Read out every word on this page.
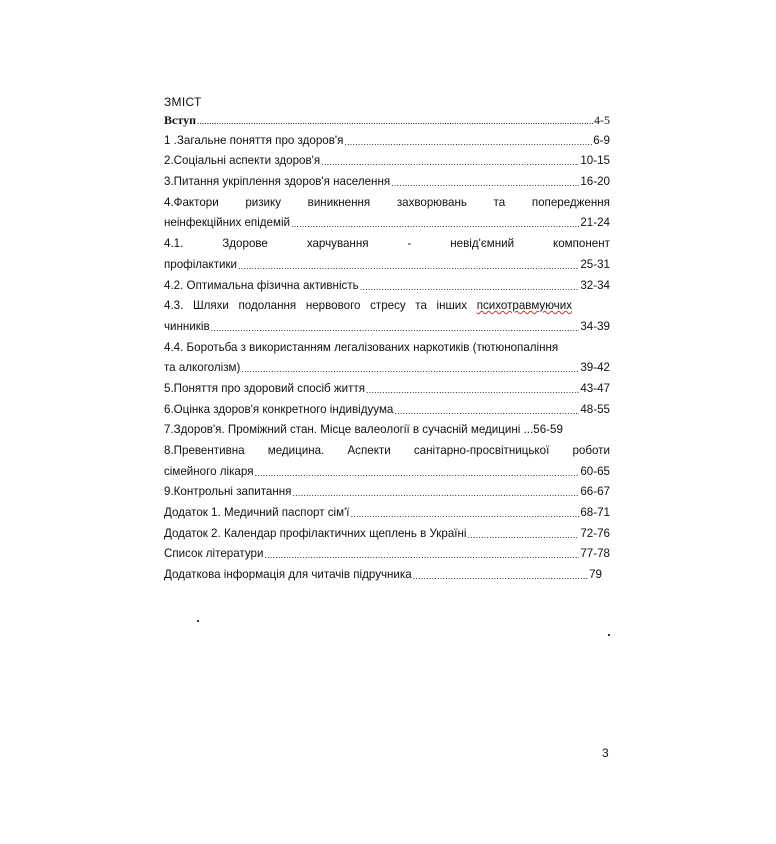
ЗМІСТ
Вступ .....	4-5
1 .Загальне поняття про здоров'я .....	6-9
2.Соціальні аспекти здоров'я .....	10-15
3.Питання укріплення здоров'я населення .....	16-20
4.Фактори ризику виникнення захворювань та попередження
неінфекційних епідемій .....	21-24
4.1.	Здорове	харчування	-	невід'ємний	компонент
профілактики .....	25-31
4.2. Оптимальна фізична активність .....	32-34
4.3. Шляхи подолання нервового стресу та інших психотравмуючих
чинників .....	34-39
4.4. Боротьба з використанням легалізованих наркотиків (тютюнопаління
та алкоголізм) .....	39-42
5.Поняття про здоровий спосіб життя .....	43-47
6.Оцінка здоров'я конкретного індивідуума .....	48-55
7.Здоров'я. Проміжний стан. Місце валеології в сучасній медицині ... 56-59
8.Превентивна медицина. Аспекти санітарно-просвітницької роботи
сімейного лікаря .....	60-65
9.Контрольні запитання .....	66-67
Додаток 1. Медичний паспорт сім'ї .....	68-71
Додаток 2. Календар профілактичних щеплень в Україні .....	72-76
Список літератури .....	77-78
Додаткова інформація для читачів підручника .....	79
3
